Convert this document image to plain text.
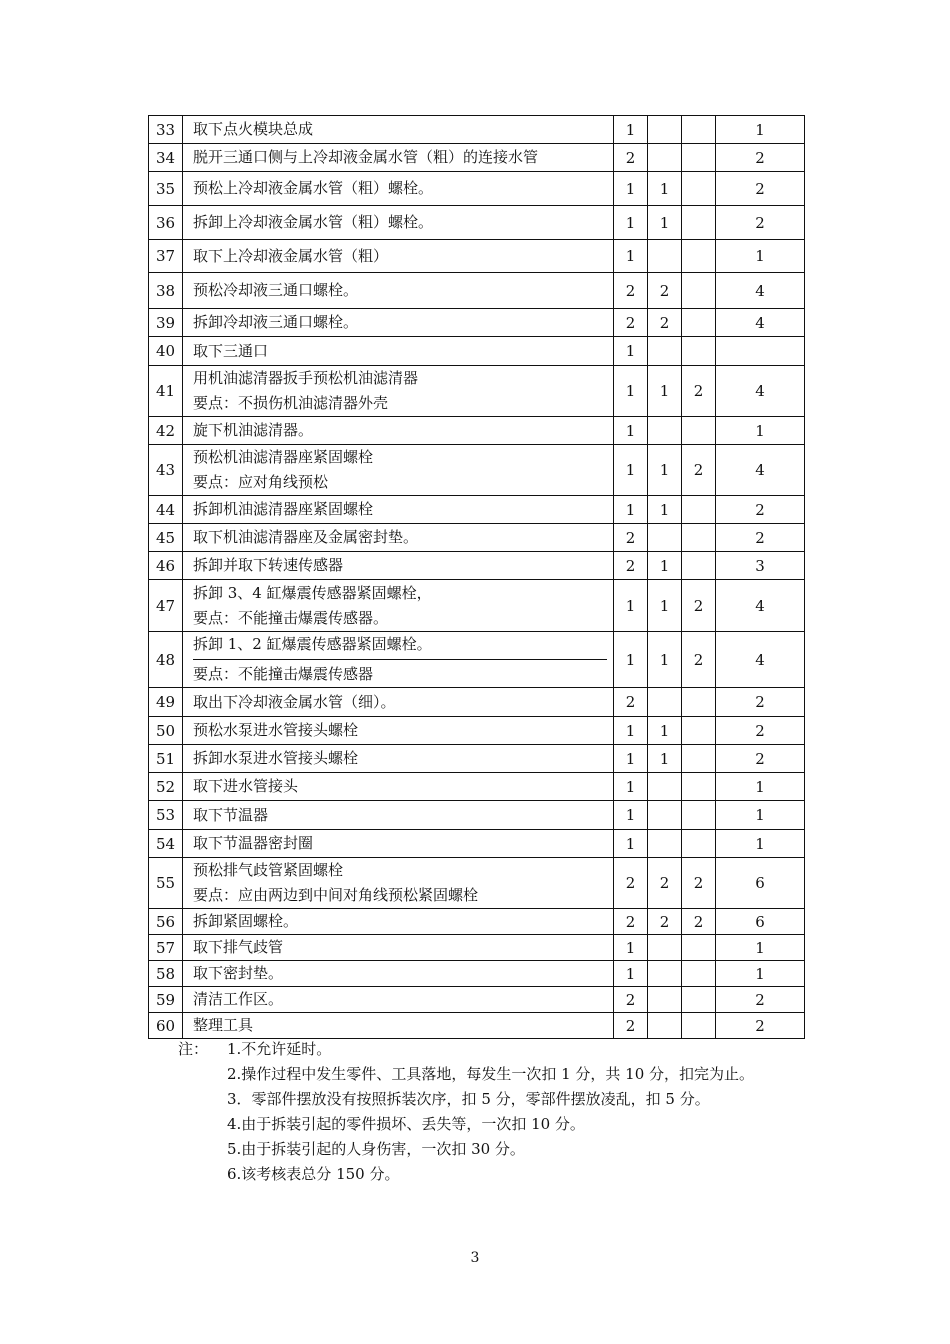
33	取下点火模块总成	1			1
34	脱开三通口侧与上冷却液金属水管（粗）的连接水管	2			2
35	预松上冷却液金属水管（粗）螺栓。	1	1		2
36	拆卸上冷却液金属水管（粗）螺栓。	1	1		2
37	取下上冷却液金属水管（粗）	1			1
38	预松冷却液三通口螺栓。	2	2		4
39	拆卸冷却液三通口螺栓。	2	2		4
40	取下三通口	1			
41	用机油滤清器扳手预松机油滤清器
要点：不损伤机油滤清器外壳	1	1	2	4
42	旋下机油滤清器。	1			1
43	预松机油滤清器座紧固螺栓
要点：应对角线预松	1	1	2	4
44	拆卸机油滤清器座紧固螺栓	1	1		2
45	取下机油滤清器座及金属密封垫。	2			2
46	拆卸并取下转速传感器	2	1		3
47	拆卸 3、4 缸爆震传感器紧固螺栓，
要点：不能撞击爆震传感器。	1	1	2	4
48	拆卸 1、2 缸爆震传感器紧固螺栓。
要点：不能撞击爆震传感器	1	1	2	4
49	取出下冷却液金属水管（细）。	2			2
50	预松水泵进水管接头螺栓	1	1		2
51	拆卸水泵进水管接头螺栓	1	1		2
52	取下进水管接头	1			1
53	取下节温器	1			1
54	取下节温器密封圈	1			1
55	预松排气歧管紧固螺栓
要点：应由两边到中间对角线预松紧固螺栓	2	2	2	6
56	拆卸紧固螺栓。	2	2	2	6
57	取下排气歧管	1			1
58	取下密封垫。	1			1
59	清洁工作区。	2			2
60	整理工具	2			2
注：	1.不允许延时。
2.操作过程中发生零件、工具落地，每发生一次扣 1 分，共 10 分，扣完为止。
3．零部件摆放没有按照拆装次序，扣 5 分，零部件摆放凌乱，扣 5 分。
4.由于拆装引起的零件损坏、丢失等，一次扣 10 分。
5.由于拆装引起的人身伤害，一次扣 30 分。
6.该考核表总分 150 分。
3
